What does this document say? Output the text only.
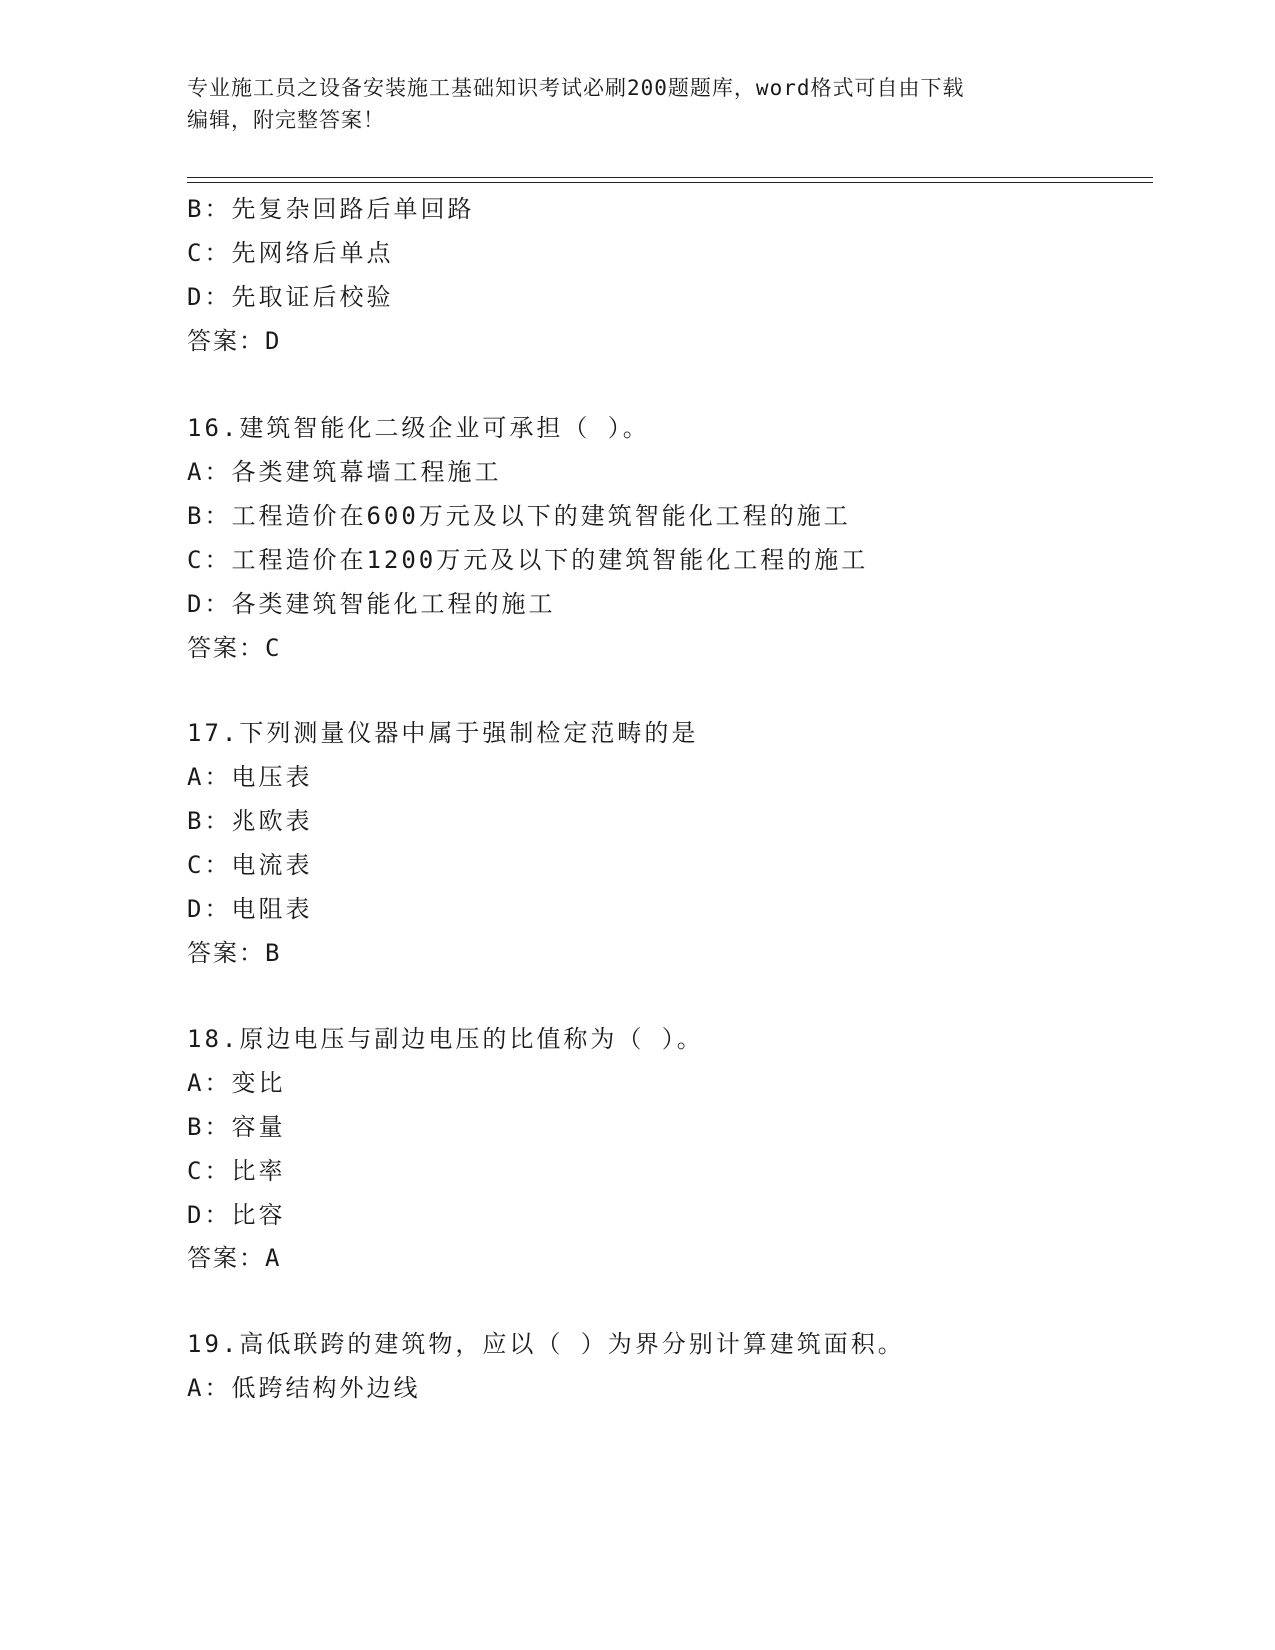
专业施工员之设备安装施工基础知识考试必刷200题题库，word格式可自由下载
编辑，附完整答案！
B：先复杂回路后单回路
C：先网络后单点
D：先取证后校验
答案：D
16.建筑智能化二级企业可承担（ ）。
A：各类建筑幕墙工程施工
B：工程造价在600万元及以下的建筑智能化工程的施工
C：工程造价在1200万元及以下的建筑智能化工程的施工
D：各类建筑智能化工程的施工
答案：C
17.下列测量仪器中属于强制检定范畴的是
A：电压表
B：兆欧表
C：电流表
D：电阻表
答案：B
18.原边电压与副边电压的比值称为（ ）。
A：变比
B：容量
C：比率
D：比容
答案：A
19.高低联跨的建筑物，应以（ ）为界分别计算建筑面积。
A：低跨结构外边线
